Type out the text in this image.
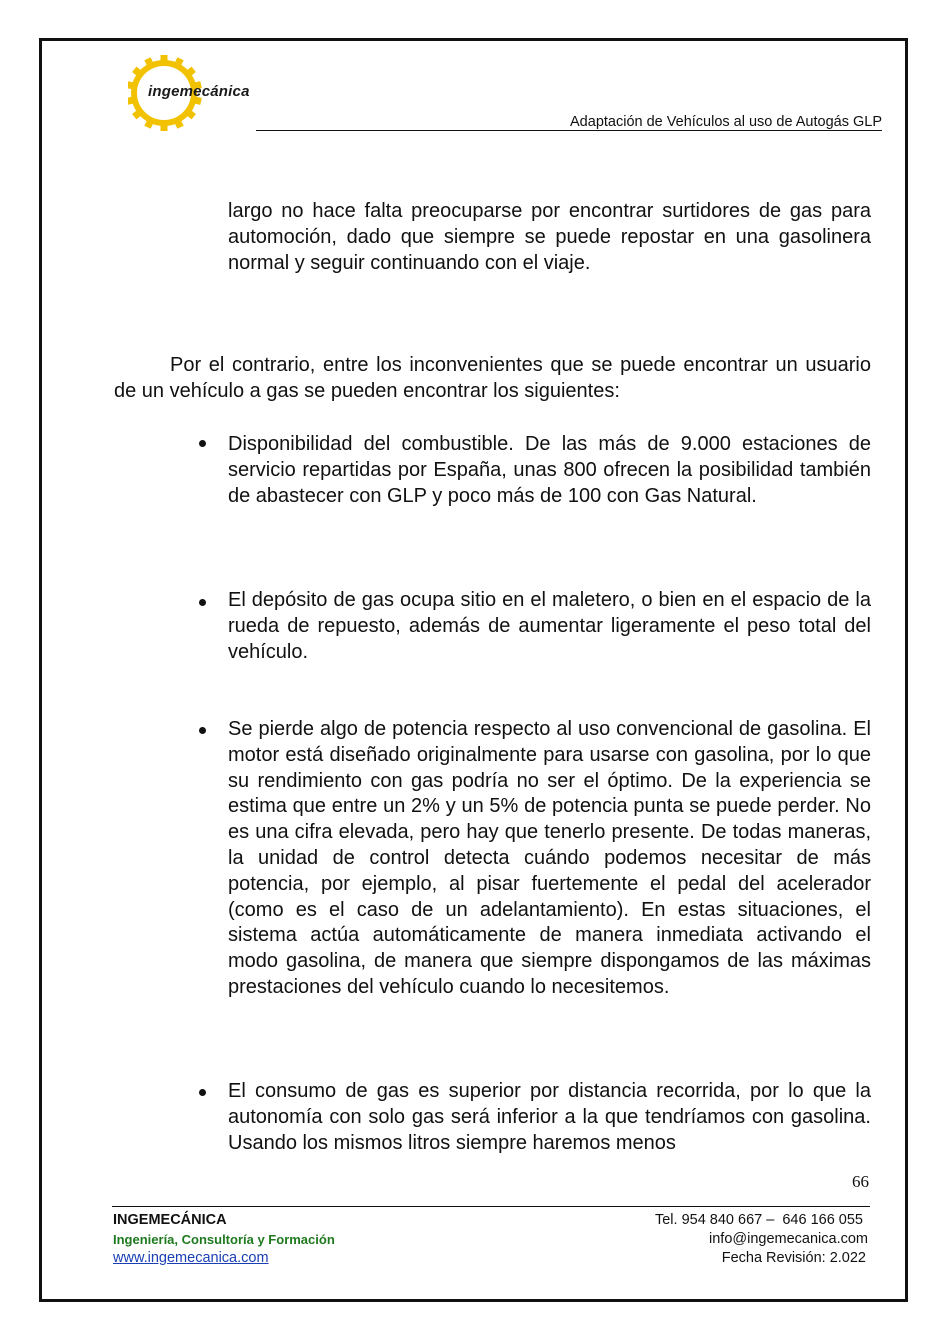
ingemecánica
Adaptación de Vehículos al uso de Autogás GLP
largo no hace falta preocuparse por encontrar surtidores de gas para automoción, dado que siempre se puede repostar en una gasolinera normal y seguir continuando con el viaje.
Por el contrario, entre los inconvenientes que se puede encontrar un usuario de un vehículo a gas se pueden encontrar los siguientes:
Disponibilidad del combustible. De las más de 9.000 estaciones de servicio repartidas por España, unas 800 ofrecen la posibilidad también de abastecer con GLP y poco más de 100 con Gas Natural.
El depósito de gas ocupa sitio en el maletero, o bien en el espacio de la rueda de repuesto, además de aumentar ligeramente el peso total del vehículo.
Se pierde algo de potencia respecto al uso convencional de gasolina. El motor está diseñado originalmente para usarse con gasolina, por lo que su rendimiento con gas podría no ser el óptimo. De la experiencia se estima que entre un 2% y un 5% de potencia punta se puede perder. No es una cifra elevada, pero hay que tenerlo presente. De todas maneras, la unidad de control detecta cuándo podemos necesitar de más potencia, por ejemplo, al pisar fuertemente el pedal del acelerador (como es el caso de un adelantamiento). En estas situaciones, el sistema actúa automáticamente de manera inmediata activando el modo gasolina, de manera que siempre dispongamos de las máximas prestaciones del vehículo cuando lo necesitemos.
El consumo de gas es superior por distancia recorrida, por lo que la autonomía con solo gas será inferior a la que tendríamos con gasolina. Usando los mismos litros siempre haremos menos
66
INGEMECÁNICA
Ingeniería, Consultoría y Formación
www.ingemecanica.com
Tel. 954 840 667 –  646 166 055
info@ingemecanica.com
Fecha Revisión: 2.022
